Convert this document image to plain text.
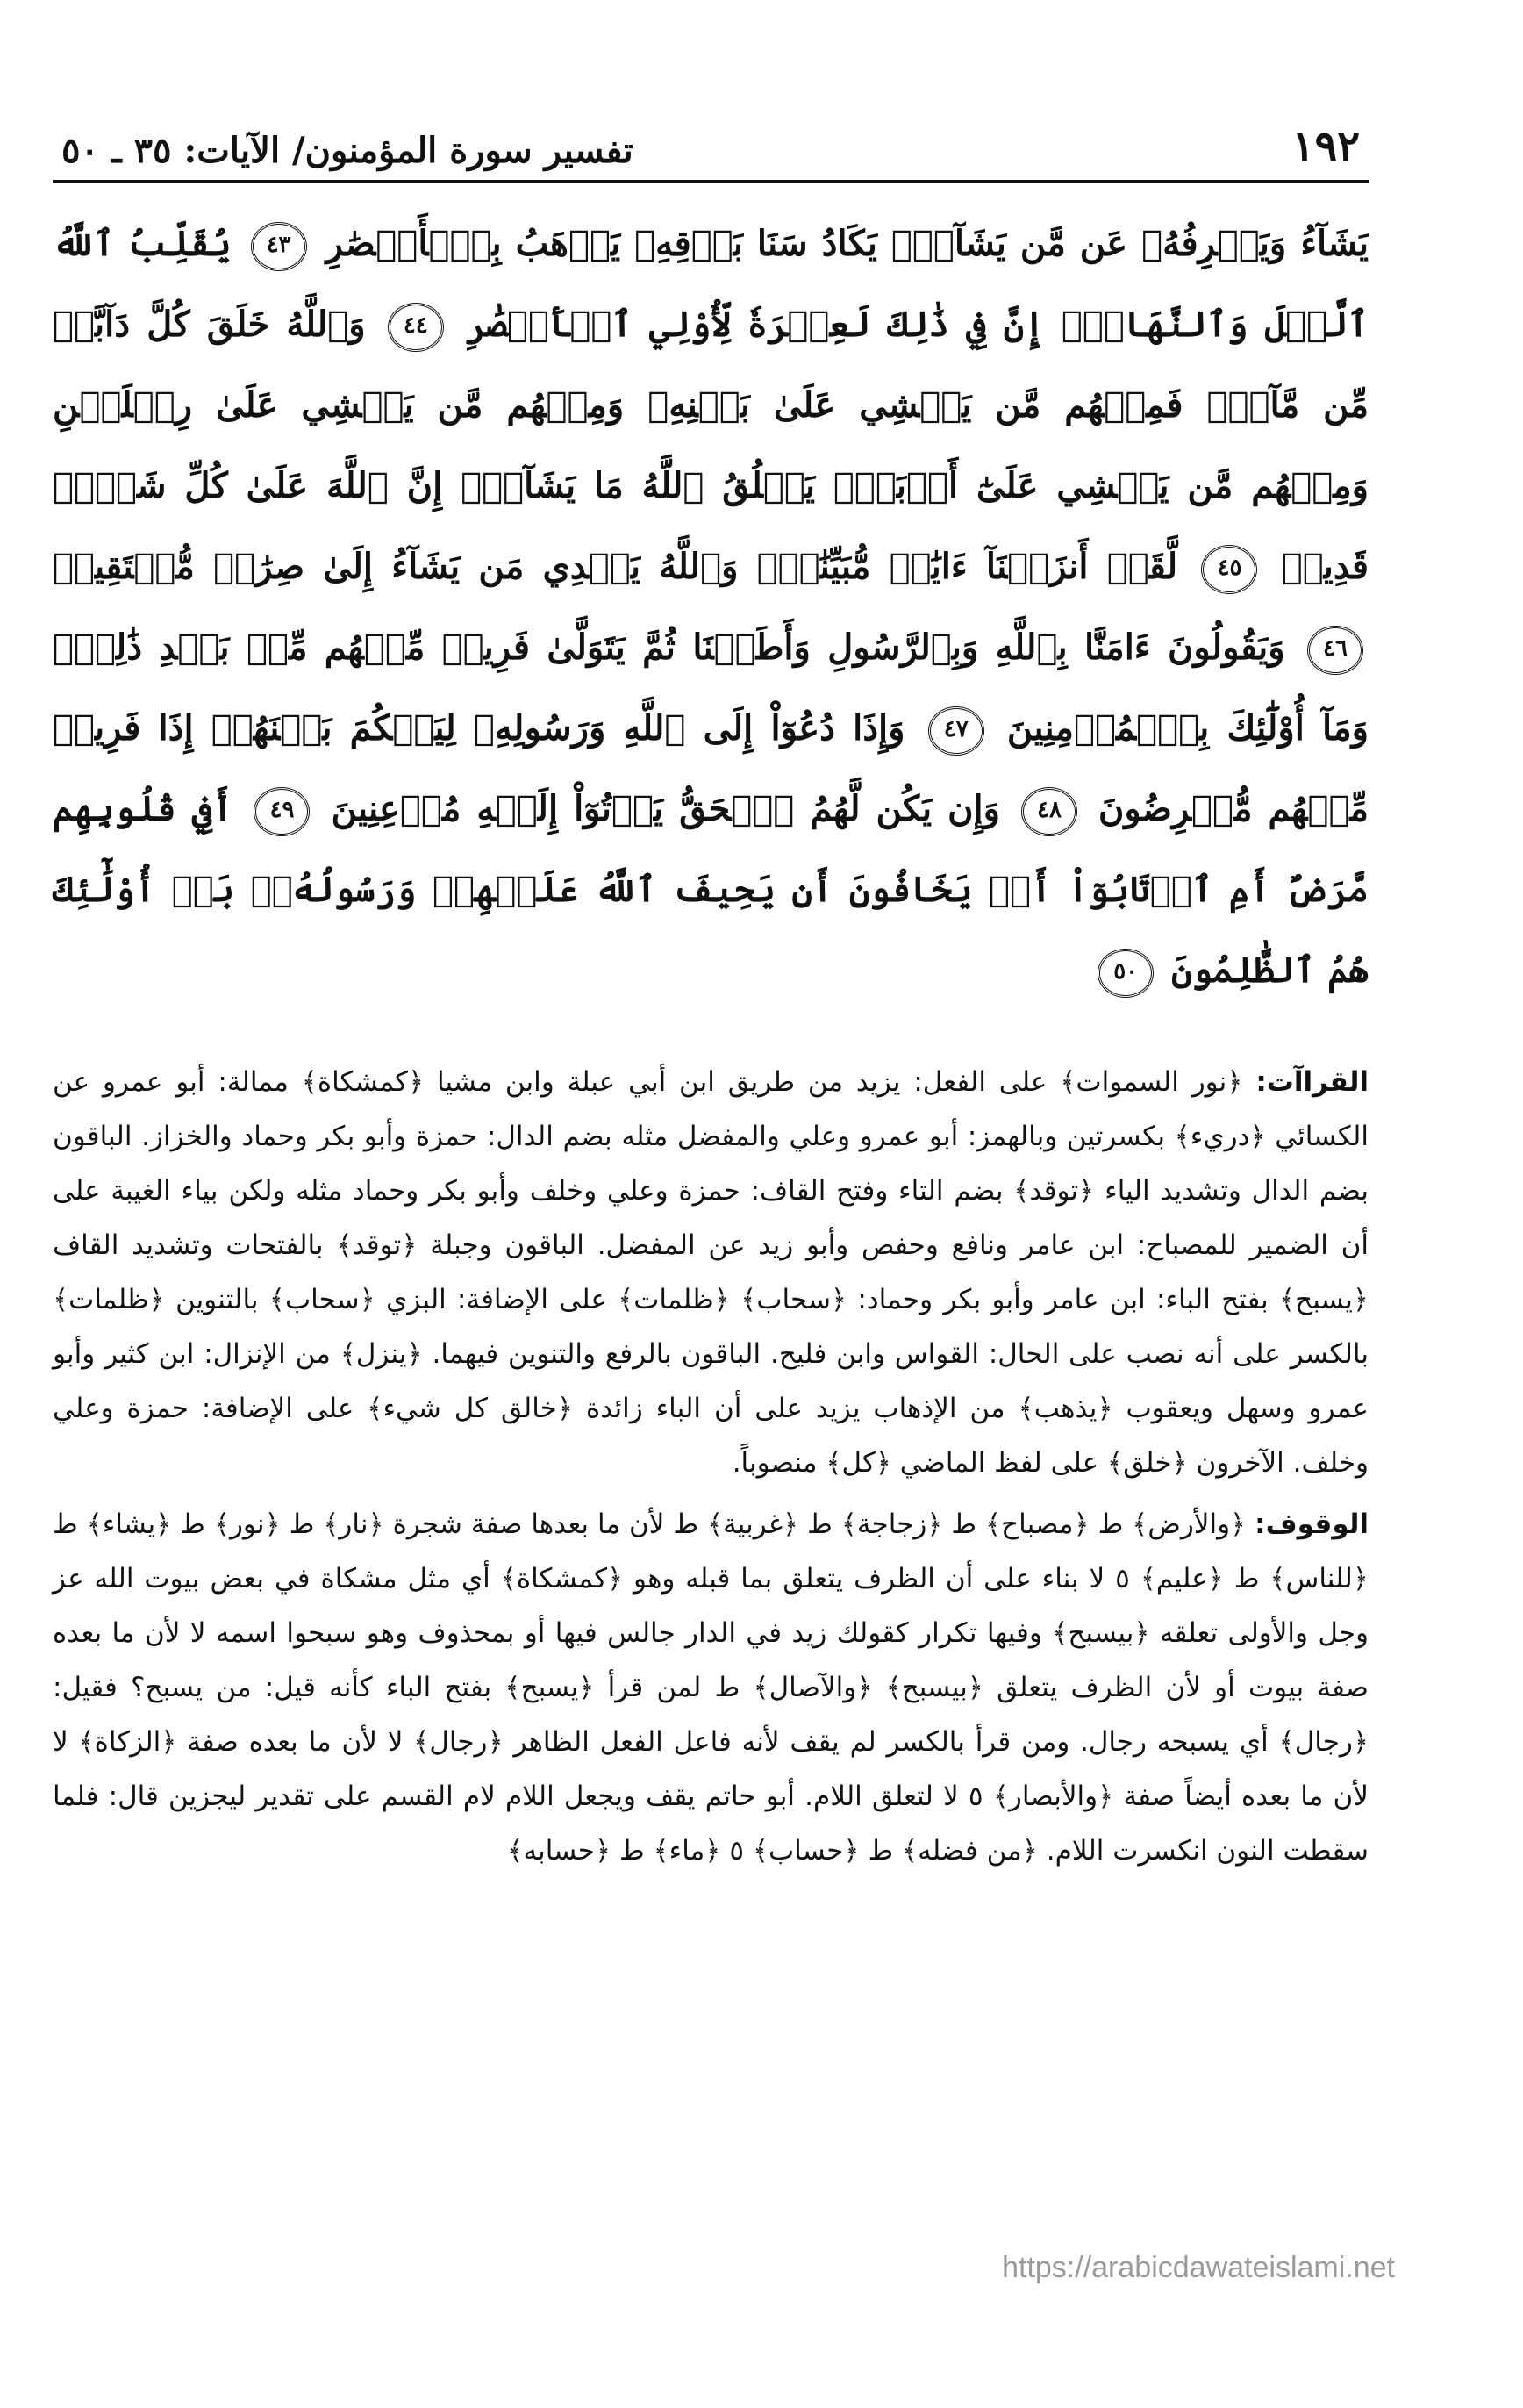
١٩٢
تفسير سورة المؤمنون/ الآيات: ٣٥ ـ ٥٠
يَشَآءُ وَيَصۡرِفُهُۥ عَن مَّن يَشَآءُۖ يَكَادُ سَنَا بَرۡقِهِۦ يَذۡهَبُ بِٱلۡأَبۡصَٰرِ ٤٣ يُقَلِّبُ ٱللَّهُ ٱلَّيۡلَ وَٱلنَّهَارَۚ إِنَّ فِي ذَٰلِكَ لَعِبۡرَةٗ لِّأُوْلِي ٱلۡأَبۡصَٰرِ ٤٤ وَٱللَّهُ خَلَقَ كُلَّ دَآبَّةٖ مِّن مَّآءٖۖ فَمِنۡهُم مَّن يَمۡشِي عَلَىٰ بَطۡنِهِۦ وَمِنۡهُم مَّن يَمۡشِي عَلَىٰ رِجۡلَيۡنِ وَمِنۡهُم مَّن يَمۡشِي عَلَىٰٓ أَرۡبَعٖۚ يَخۡلُقُ ٱللَّهُ مَا يَشَآءُۚ إِنَّ ٱللَّهَ عَلَىٰ كُلِّ شَيۡءٖ قَدِيرٞ ٤٥ لَّقَدۡ أَنزَلۡنَآ ءَايَٰتٖ مُّبَيِّنَٰتٖۚ وَٱللَّهُ يَهۡدِي مَن يَشَآءُ إِلَىٰ صِرَٰطٖ مُّسۡتَقِيمٖ ٤٦ وَيَقُولُونَ ءَامَنَّا بِٱللَّهِ وَبِٱلرَّسُولِ وَأَطَعۡنَا ثُمَّ يَتَوَلَّىٰ فَرِيقٞ مِّنۡهُم مِّنۢ بَعۡدِ ذَٰلِكَۚ وَمَآ أُوْلَٰٓئِكَ بِٱلۡمُؤۡمِنِينَ ٤٧ وَإِذَا دُعُوٓاْ إِلَى ٱللَّهِ وَرَسُولِهِۦ لِيَحۡكُمَ بَيۡنَهُمۡ إِذَا فَرِيقٞ مِّنۡهُم مُّعۡرِضُونَ ٤٨ وَإِن يَكُن لَّهُمُ ٱلۡحَقُّ يَأۡتُوٓاْ إِلَيۡهِ مُذۡعِنِينَ ٤٩ أَفِي قُلُوبِهِم مَّرَضٌ أَمِ ٱرۡتَابُوٓاْ أَمۡ يَخَافُونَ أَن يَحِيفَ ٱللَّهُ عَلَيۡهِمۡ وَرَسُولُهُۥۚ بَلۡ أُوْلَٰٓئِكَ هُمُ ٱلظَّٰلِمُونَ ٥٠

القراآت: ﴿نور السموات﴾ على الفعل: يزيد من طريق ابن أبي عبلة وابن مشيا ﴿كمشكاة﴾ ممالة: أبو عمرو عن الكسائي ﴿دريء﴾ بكسرتين وبالهمز: أبو عمرو وعلي والمفضل مثله بضم الدال: حمزة وأبو بكر وحماد والخزاز. الباقون بضم الدال وتشديد الياء ﴿توقد﴾ بضم التاء وفتح القاف: حمزة وعلي وخلف وأبو بكر وحماد مثله ولكن بياء الغيبة على أن الضمير للمصباح: ابن عامر ونافع وحفص وأبو زيد عن المفضل. الباقون وجبلة ﴿توقد﴾ بالفتحات وتشديد القاف ﴿يسبح﴾ بفتح الباء: ابن عامر وأبو بكر وحماد: ﴿سحاب﴾ ﴿ظلمات﴾ على الإضافة: البزي ﴿سحاب﴾ بالتنوين ﴿ظلمات﴾ بالكسر على أنه نصب على الحال: القواس وابن فليح. الباقون بالرفع والتنوين فيهما. ﴿ينزل﴾ من الإنزال: ابن كثير وأبو عمرو وسهل ويعقوب ﴿يذهب﴾ من الإذهاب يزيد على أن الباء زائدة ﴿خالق كل شيء﴾ على الإضافة: حمزة وعلي وخلف. الآخرون ﴿خلق﴾ على لفظ الماضي ﴿كل﴾ منصوباً.

الوقوف: ﴿والأرض﴾ ط ﴿مصباح﴾ ط ﴿زجاجة﴾ ط ﴿غربية﴾ ط لأن ما بعدها صفة شجرة ﴿نار﴾ ط ﴿نور﴾ ط ﴿يشاء﴾ ط ﴿للناس﴾ ط ﴿عليم﴾ ٥ لا بناء على أن الظرف يتعلق بما قبله وهو ﴿كمشكاة﴾ أي مثل مشكاة في بعض بيوت الله عز وجل والأولى تعلقه ﴿بيسبح﴾ وفيها تكرار كقولك زيد في الدار جالس فيها أو بمحذوف وهو سبحوا اسمه لا لأن ما بعده صفة بيوت أو لأن الظرف يتعلق ﴿بيسبح﴾ ﴿والآصال﴾ ط لمن قرأ ﴿يسبح﴾ بفتح الباء كأنه قيل: من يسبح؟ فقيل: ﴿رجال﴾ أي يسبحه رجال. ومن قرأ بالكسر لم يقف لأنه فاعل الفعل الظاهر ﴿رجال﴾ لا لأن ما بعده صفة ﴿الزكاة﴾ لا لأن ما بعده أيضاً صفة ﴿والأبصار﴾ ٥ لا لتعلق اللام. أبو حاتم يقف ويجعل اللام لام القسم على تقدير ليجزين قال: فلما سقطت النون انكسرت اللام. ﴿من فضله﴾ ط ﴿حساب﴾ ٥ ﴿ماء﴾ ط ﴿حسابه﴾

https://arabicdawateislami.net
